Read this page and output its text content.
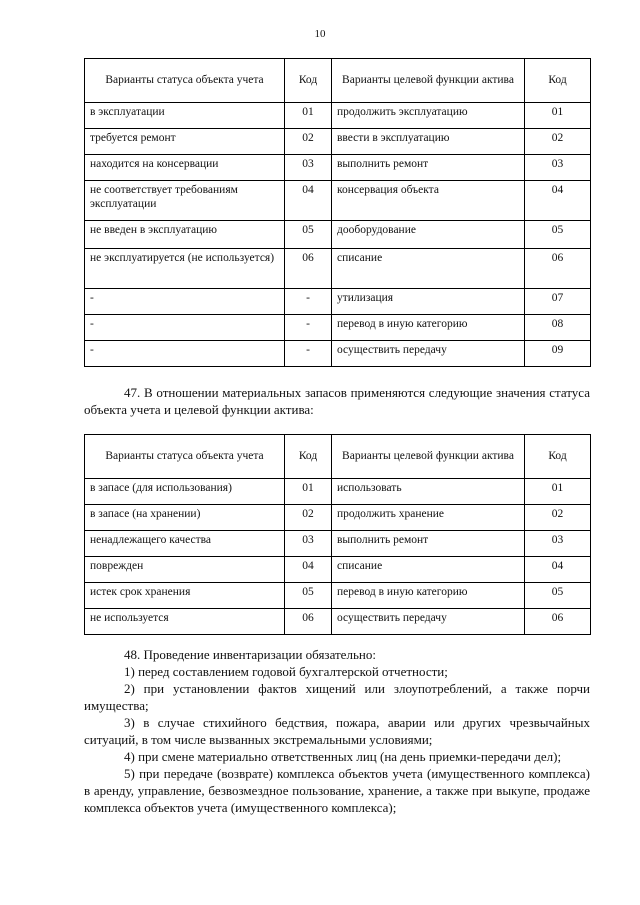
10
Варианты статуса объекта учета	Код	Варианты целевой функции актива	Код
в эксплуатации	01	продолжить эксплуатацию	01
требуется ремонт	02	ввести в эксплуатацию	02
находится на консервации	03	выполнить ремонт	03
не соответствует требованиям эксплуатации	04	консервация объекта	04
не введен в эксплуатацию	05	дооборудование	05
не эксплуатируется (не используется)	06	списание	06
-	-	утилизация	07
-	-	перевод в иную категорию	08
-	-	осуществить передачу	09
47. В отношении материальных запасов применяются следующие значения статуса объекта учета и целевой функции актива:
Варианты статуса объекта учета	Код	Варианты целевой функции актива	Код
в запасе (для использования)	01	использовать	01
в запасе (на хранении)	02	продолжить хранение	02
ненадлежащего качества	03	выполнить ремонт	03
поврежден	04	списание	04
истек срок хранения	05	перевод в иную категорию	05
не используется	06	осуществить передачу	06
48. Проведение инвентаризации обязательно:
1) перед составлением годовой бухгалтерской отчетности;
2) при установлении фактов хищений или злоупотреблений, а также порчи имущества;
3) в случае стихийного бедствия, пожара, аварии или других чрезвычайных ситуаций, в том числе вызванных экстремальными условиями;
4) при смене материально ответственных лиц (на день приемки-передачи дел);
5) при передаче (возврате) комплекса объектов учета (имущественного комплекса) в аренду, управление, безвозмездное пользование, хранение, а также при выкупе, продаже комплекса объектов учета (имущественного комплекса);
